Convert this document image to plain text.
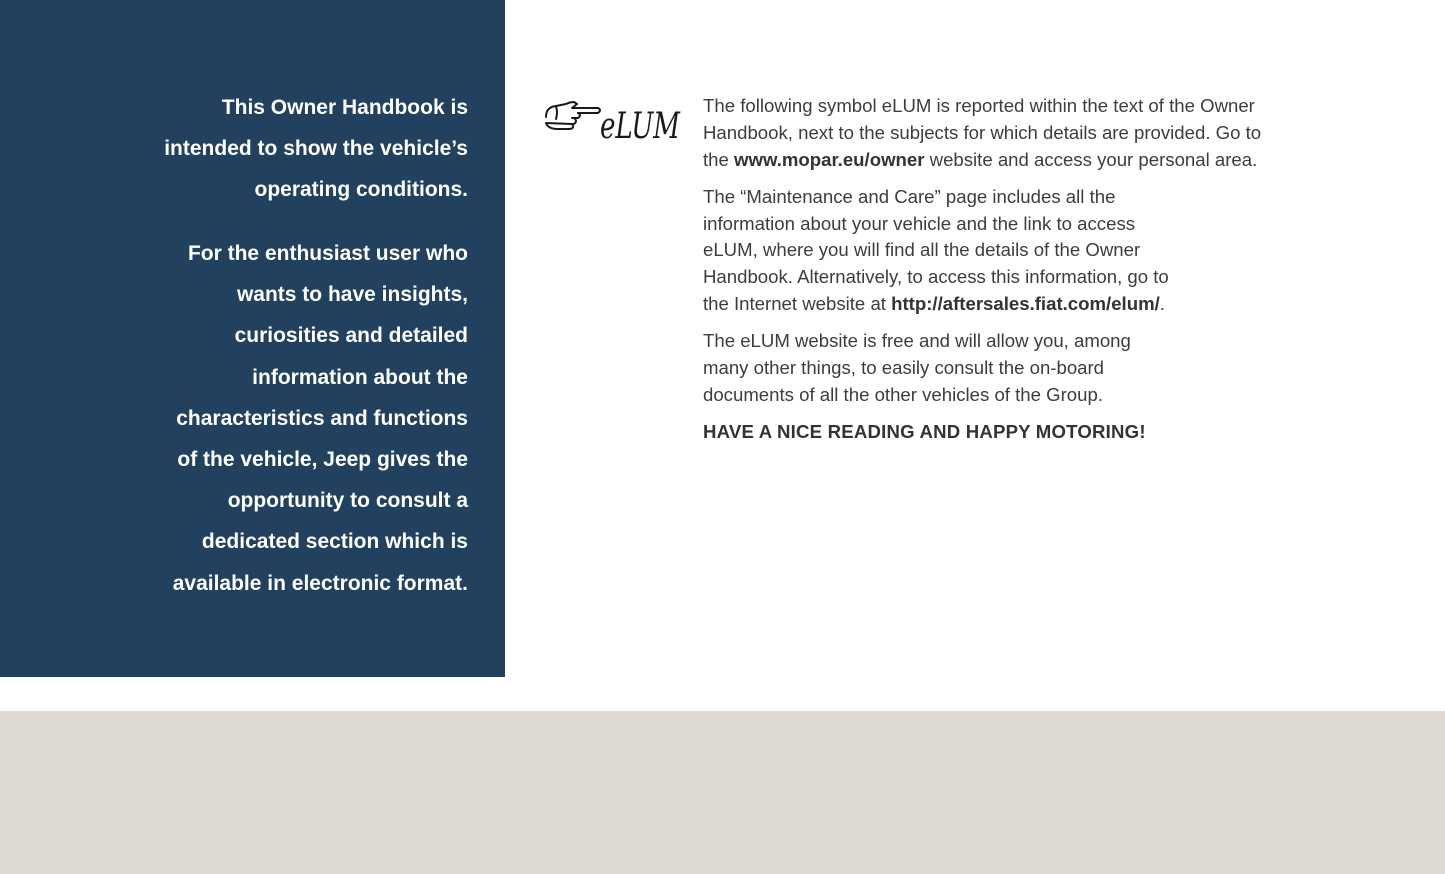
This Owner Handbook is
intended to show the vehicle’s
operating conditions.

For the enthusiast user who
wants to have insights,
curiosities and detailed
information about the
characteristics and functions
of the vehicle, Jeep gives the
opportunity to consult a
dedicated section which is
available in electronic format.

eLUM

The following symbol eLUM is reported within the text of the Owner
Handbook, next to the subjects for which details are provided. Go to
the www.mopar.eu/owner website and access your personal area.

The “Maintenance and Care” page includes all the
information about your vehicle and the link to access
eLUM, where you will find all the details of the Owner
Handbook. Alternatively, to access this information, go to
the Internet website at http://aftersales.fiat.com/elum/.

The eLUM website is free and will allow you, among
many other things, to easily consult the on-board
documents of all the other vehicles of the Group.

HAVE A NICE READING AND HAPPY MOTORING!
